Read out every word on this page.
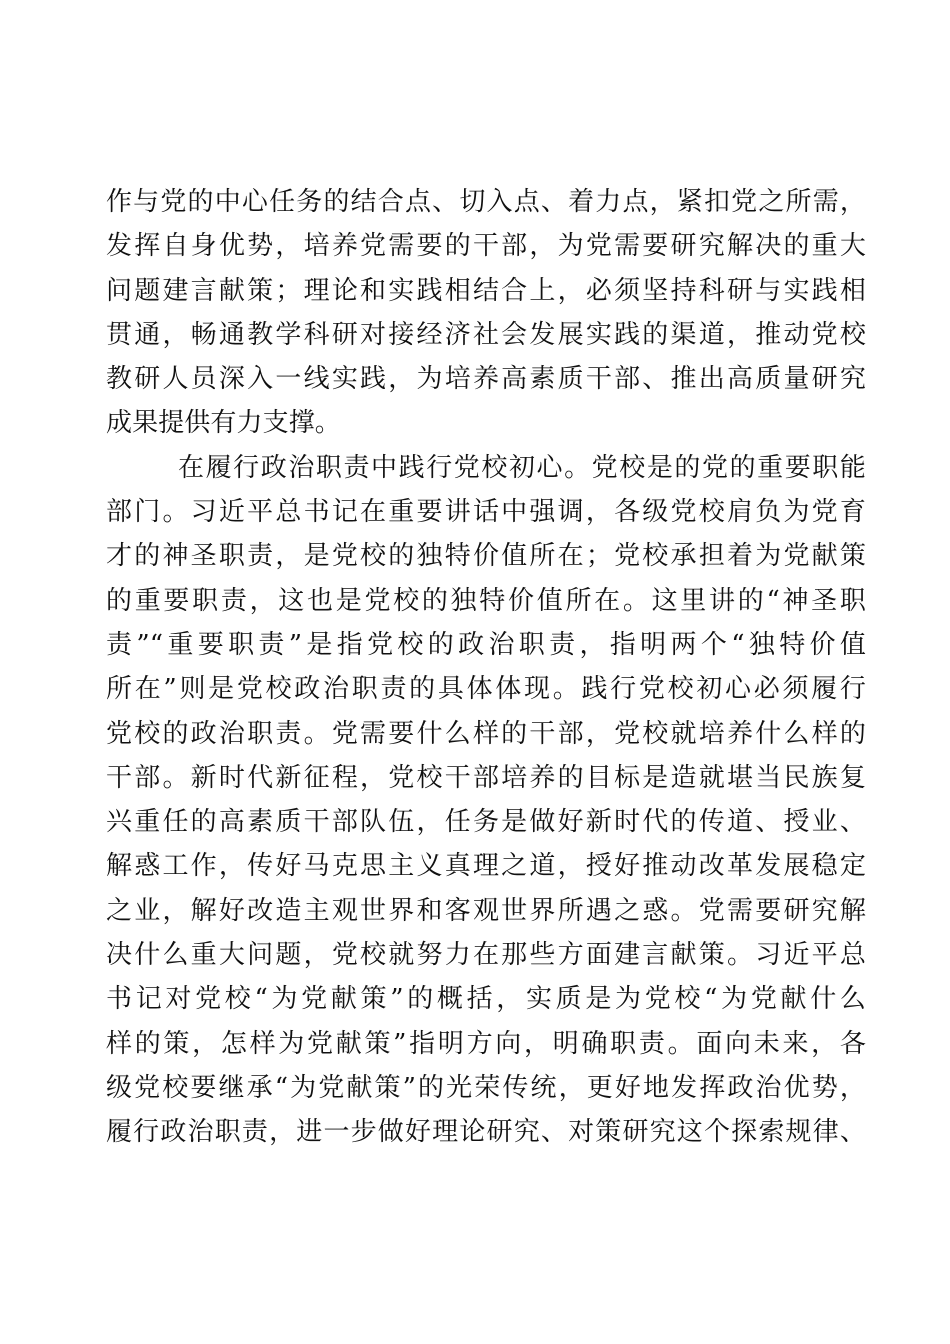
作与党的中心任务的结合点、切入点、着力点，紧扣党之所需，
发挥自身优势，培养党需要的干部，为党需要研究解决的重大
问题建言献策；理论和实践相结合上，必须坚持科研与实践相
贯通，畅通教学科研对接经济社会发展实践的渠道，推动党校
教研人员深入一线实践，为培养高素质干部、推出高质量研究
成果提供有力支撑。
在履行政治职责中践行党校初心。党校是的党的重要职能
部门。习近平总书记在重要讲话中强调，各级党校肩负为党育
才的神圣职责，是党校的独特价值所在；党校承担着为党献策
的重要职责，这也是党校的独特价值所在。这里讲的“神圣职
责”“重要职责”是指党校的政治职责，指明两个“独特价值
所在”则是党校政治职责的具体体现。践行党校初心必须履行
党校的政治职责。党需要什么样的干部，党校就培养什么样的
干部。新时代新征程，党校干部培养的目标是造就堪当民族复
兴重任的高素质干部队伍，任务是做好新时代的传道、授业、
解惑工作，传好马克思主义真理之道，授好推动改革发展稳定
之业，解好改造主观世界和客观世界所遇之惑。党需要研究解
决什么重大问题，党校就努力在那些方面建言献策。习近平总
书记对党校“为党献策”的概括，实质是为党校“为党献什么
样的策，怎样为党献策”指明方向，明确职责。面向未来，各
级党校要继承“为党献策”的光荣传统，更好地发挥政治优势，
履行政治职责，进一步做好理论研究、对策研究这个探索规律、
